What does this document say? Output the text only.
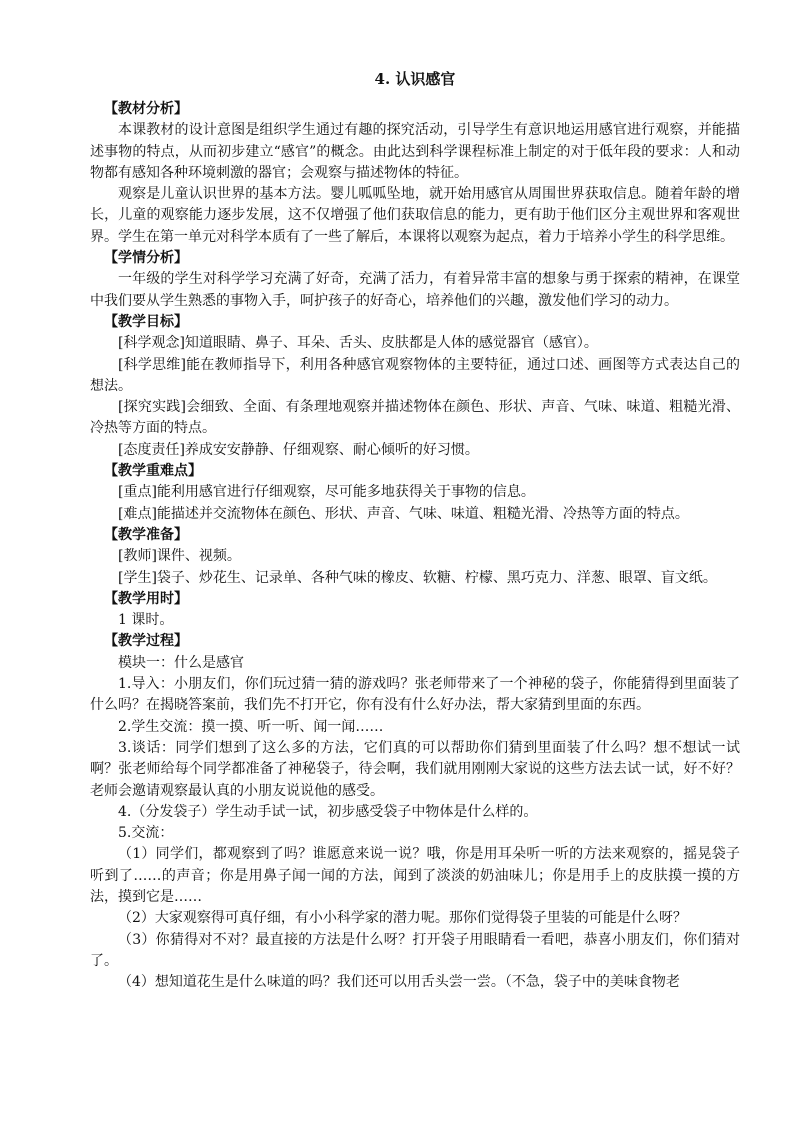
4. 认识感官

【教材分析】

本课教材的设计意图是组织学生通过有趣的探究活动，引导学生有意识地运用感官进行观察，并能描述事物的特点，从而初步建立“感官”的概念。由此达到科学课程标准上制定的对于低年段的要求：人和动物都有感知各种环境刺激的器官；会观察与描述物体的特征。

观察是儿童认识世界的基本方法。婴儿呱呱坠地，就开始用感官从周围世界获取信息。随着年龄的增长，儿童的观察能力逐步发展，这不仅增强了他们获取信息的能力，更有助于他们区分主观世界和客观世界。学生在第一单元对科学本质有了一些了解后，本课将以观察为起点，着力于培养小学生的科学思维。

【学情分析】

一年级的学生对科学学习充满了好奇，充满了活力，有着异常丰富的想象与勇于探索的精神，在课堂中我们要从学生熟悉的事物入手，呵护孩子的好奇心，培养他们的兴趣，激发他们学习的动力。

【教学目标】

[科学观念]知道眼睛、鼻子、耳朵、舌头、皮肤都是人体的感觉器官（感官）。

[科学思维]能在教师指导下，利用各种感官观察物体的主要特征，通过口述、画图等方式表达自己的想法。

[探究实践]会细致、全面、有条理地观察并描述物体在颜色、形状、声音、气味、味道、粗糙光滑、冷热等方面的特点。

[态度责任]养成安安静静、仔细观察、耐心倾听的好习惯。

【教学重难点】

[重点]能利用感官进行仔细观察，尽可能多地获得关于事物的信息。

[难点]能描述并交流物体在颜色、形状、声音、气味、味道、粗糙光滑、冷热等方面的特点。

【教学准备】

[教师]课件、视频。

[学生]袋子、炒花生、记录单、各种气味的橡皮、软糖、柠檬、黑巧克力、洋葱、眼罩、盲文纸。

【教学用时】

1 课时。

【教学过程】

模块一：什么是感官

1.导入：小朋友们，你们玩过猜一猜的游戏吗？张老师带来了一个神秘的袋子，你能猜得到里面装了什么吗？在揭晓答案前，我们先不打开它，你有没有什么好办法，帮大家猜到里面的东西。

2.学生交流：摸一摸、听一听、闻一闻……

3.谈话：同学们想到了这么多的方法，它们真的可以帮助你们猜到里面装了什么吗？想不想试一试啊？张老师给每个同学都准备了神秘袋子，待会啊，我们就用刚刚大家说的这些方法去试一试，好不好？老师会邀请观察最认真的小朋友说说他的感受。

4.（分发袋子）学生动手试一试，初步感受袋子中物体是什么样的。

5.交流：

（1）同学们，都观察到了吗？谁愿意来说一说？哦，你是用耳朵听一听的方法来观察的，摇晃袋子听到了……的声音；你是用鼻子闻一闻的方法，闻到了淡淡的奶油味儿；你是用手上的皮肤摸一摸的方法，摸到它是……

（2）大家观察得可真仔细，有小小科学家的潜力呢。那你们觉得袋子里装的可能是什么呀？

（3）你猜得对不对？最直接的方法是什么呀？打开袋子用眼睛看一看吧，恭喜小朋友们，你们猜对了。

（4）想知道花生是什么味道的吗？我们还可以用舌头尝一尝。（不急，袋子中的美味食物老
